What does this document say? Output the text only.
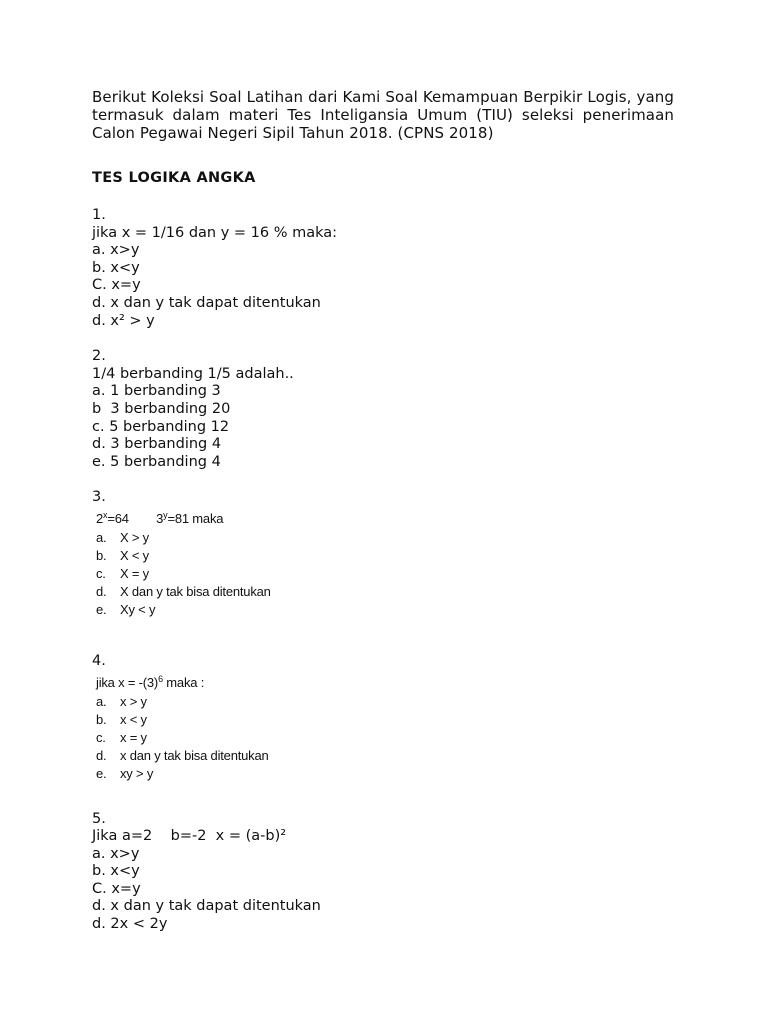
Berikut Koleksi Soal Latihan dari Kami Soal Kemampuan Berpikir Logis, yang termasuk dalam materi Tes Inteligansia Umum (TIU) seleksi penerimaan Calon Pegawai Negeri Sipil Tahun 2018. (CPNS 2018)

TES LOGIKA ANGKA
1.
jika x = 1/16 dan y = 16 % maka:
a. x>y
b. x<y
C. x=y
d. x dan y tak dapat ditentukan
d. x² > y
2.
1/4 berbanding 1/5 adalah..
a. 1 berbanding 3
b  3 berbanding 20
c. 5 berbanding 12
d. 3 berbanding 4
e. 5 berbanding 4
3.
$2^x=64$        $3^y=81$ maka
a.	X > y
b.	X < y
c.	X = y
d.	X dan y tak bisa ditentukan
e.	Xy < y
4.
jika $x = -(3)^6$ maka :
a.	x > y
b.	x < y
c.	x = y
d.	x dan y tak bisa ditentukan
e.	xy > y
5.
Jika a=2    b=-2  x = (a-b)²
a. x>y
b. x<y
C. x=y
d. x dan y tak dapat ditentukan
d. 2x < 2y
